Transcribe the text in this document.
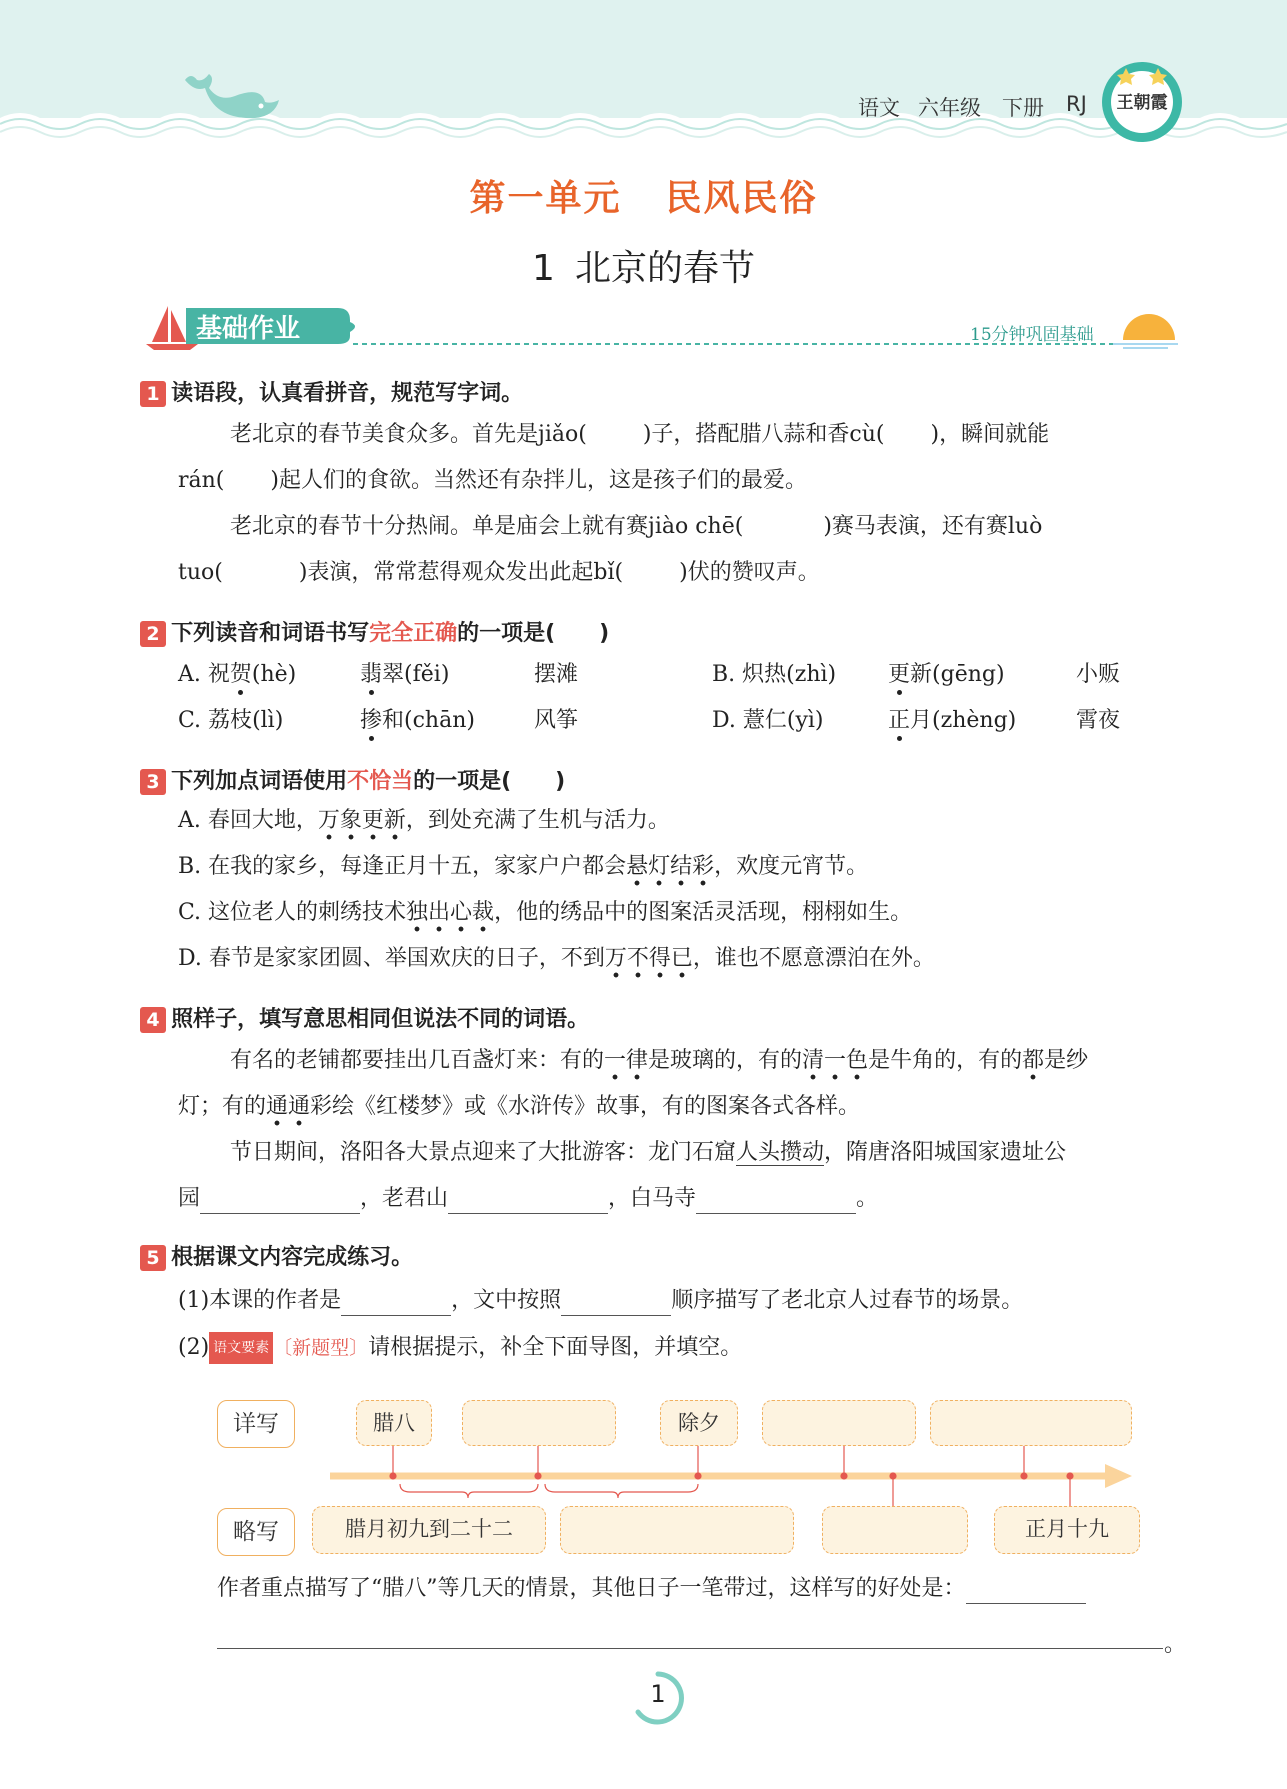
语文 六年级 下册 RJ	王朝霞
第一单元 民风民俗
1 北京的春节
基础作业	15分钟巩固基础
1 读语段，认真看拼音，规范写字词。
老北京的春节美食众多。首先是jiǎo(	)子，搭配腊八蒜和香cù( )，瞬间就能
rán( )起人们的食欲。当然还有杂拌儿，这是孩子们的最爱。
老北京的春节十分热闹。单是庙会上就有赛jiào chē(	)赛马表演，还有赛luò
tuo(	)表演，常常惹得观众发出此起bǐ(	)伏的赞叹声。
2 下列读音和词语书写完全正确的一项是(　　)
A. 祝贺(hè)	翡翠(fěi)	摆滩	B. 炽热(zhì) 更新(gēng)	小贩
C. 荔枝(lì)	掺和(chān)	风筝	D. 薏仁(yì)	正月(zhèng)	霄夜
3 下列加点词语使用不恰当的一项是(　　)
A. 春回大地，万象更新，到处充满了生机与活力。
B. 在我的家乡，每逢正月十五，家家户户都会悬灯结彩，欢度元宵节。
C. 这位老人的刺绣技术独出心裁，他的绣品中的图案活灵活现，栩栩如生。
D. 春节是家家团圆、举国欢庆的日子，不到万不得已，谁也不愿意漂泊在外。
4 照样子，填写意思相同但说法不同的词语。
有名的老铺都要挂出几百盏灯来：有的一律是玻璃的，有的清一色是牛角的，有的都是纱
灯；有的通通彩绘《红楼梦》或《水浒传》故事，有的图案各式各样。
节日期间，洛阳各大景点迎来了大批游客：龙门石窟人头攒动，隋唐洛阳城国家遗址公
园	，老君山	，白马寺	。
5 根据课文内容完成练习。
(1)本课的作者是	，文中按照	顺序描写了老北京人过春节的场景。
(2) 语文要素 〔新题型〕请根据提示，补全下面导图，并填空。
详写
略写
腊八	除夕
腊月初九到二十二	正月十九
作者重点描写了“腊八”等几天的情景，其他日子一笔带过，这样写的好处是：
。
1
